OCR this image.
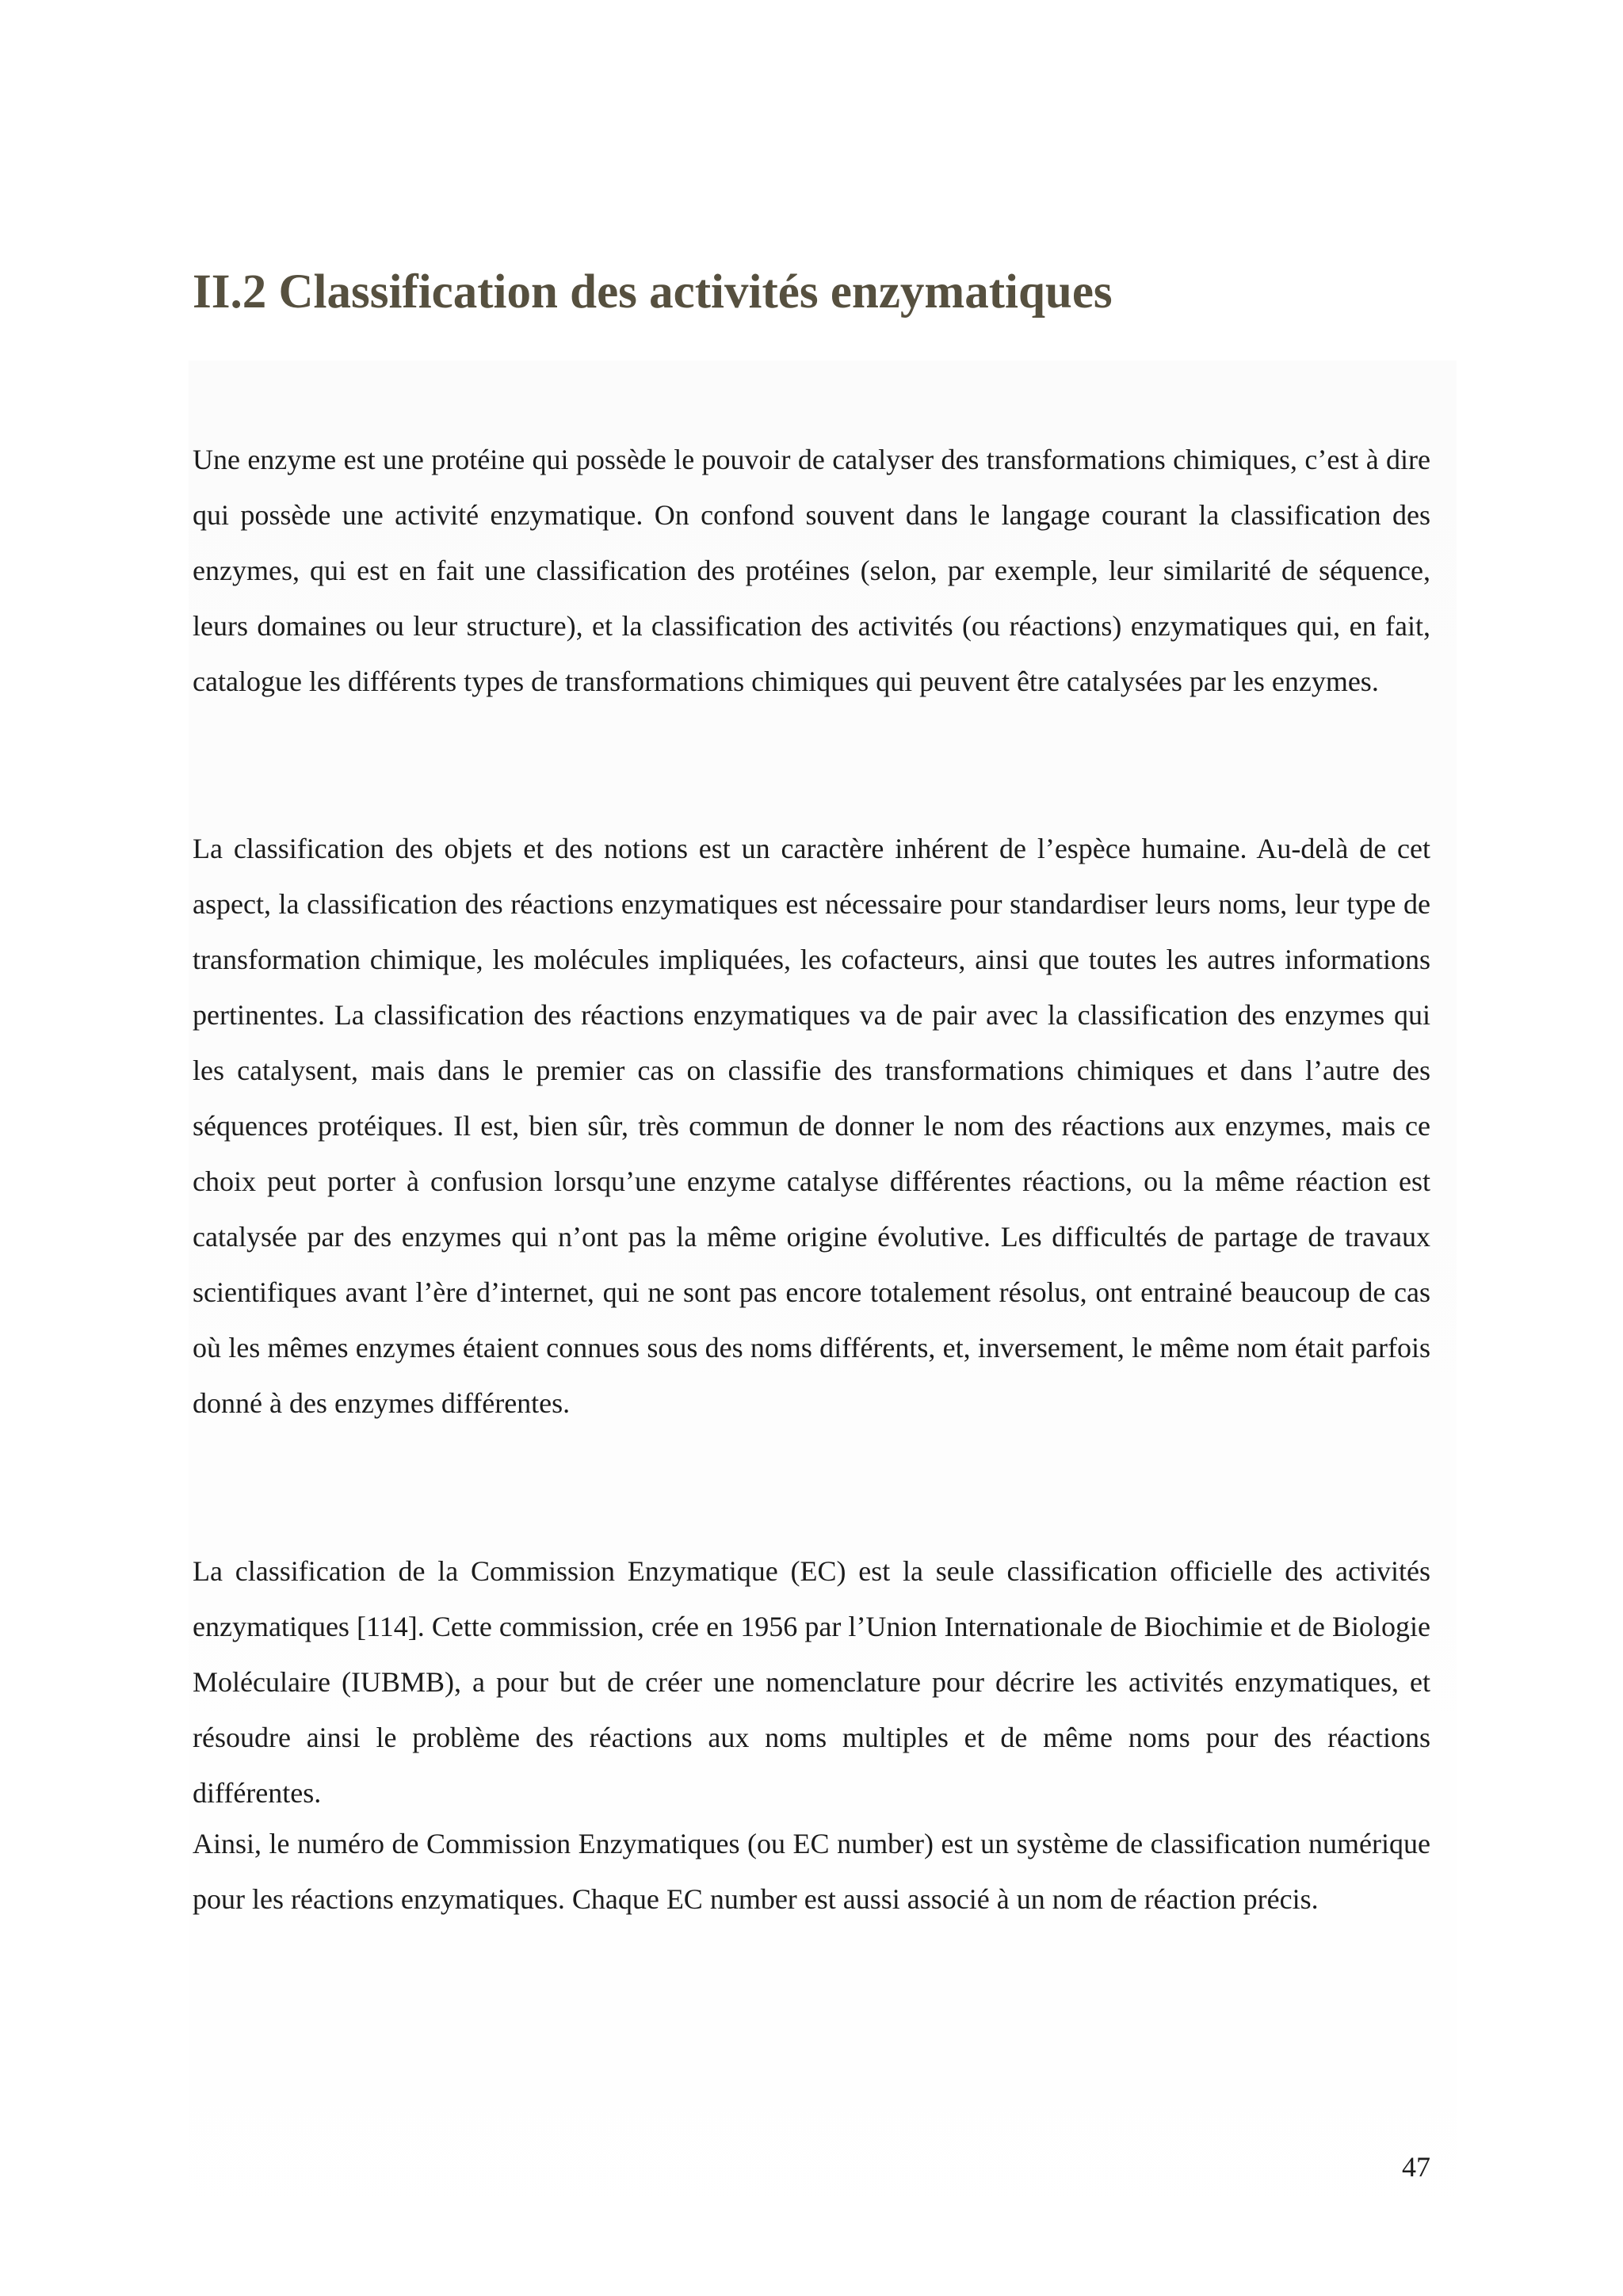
II.2 Classification des activités enzymatiques

Une enzyme est une protéine qui possède le pouvoir de catalyser des transformations chimiques, c’est à dire qui possède une activité enzymatique. On confond souvent dans le langage courant la classification des enzymes, qui est en fait une classification des protéines (selon, par exemple, leur similarité de séquence, leurs domaines ou leur structure), et la classification des activités (ou réactions) enzymatiques qui, en fait, catalogue les différents types de transformations chimiques qui peuvent être catalysées par les enzymes.

La classification des objets et des notions est un caractère inhérent de l’espèce humaine. Au-delà de cet aspect, la classification des réactions enzymatiques est nécessaire pour standardiser leurs noms, leur type de transformation chimique, les molécules impliquées, les cofacteurs, ainsi que toutes les autres informations pertinentes. La classification des réactions enzymatiques va de pair avec la classification des enzymes qui les catalysent, mais dans le premier cas on classifie des transformations chimiques et dans l’autre des séquences protéiques. Il est, bien sûr, très commun de donner le nom des réactions aux enzymes, mais ce choix peut porter à confusion lorsqu’une enzyme catalyse différentes réactions, ou la même réaction est catalysée par des enzymes qui n’ont pas la même origine évolutive. Les difficultés de partage de travaux scientifiques avant l’ère d’internet, qui ne sont pas encore totalement résolus, ont entrainé beaucoup de cas où les mêmes enzymes étaient connues sous des noms différents, et, inversement, le même nom était parfois donné à des enzymes différentes.

La classification de la Commission Enzymatique (EC) est la seule classification officielle des activités enzymatiques [114]. Cette commission, crée en 1956 par l’Union Internationale de Biochimie et de Biologie Moléculaire (IUBMB), a pour but de créer une nomenclature pour décrire les activités enzymatiques, et résoudre ainsi le problème des réactions aux noms multiples et de même noms pour des réactions différentes.

Ainsi, le numéro de Commission Enzymatiques (ou EC number) est un système de classification numérique pour les réactions enzymatiques. Chaque EC number est aussi associé à un nom de réaction précis.

47
